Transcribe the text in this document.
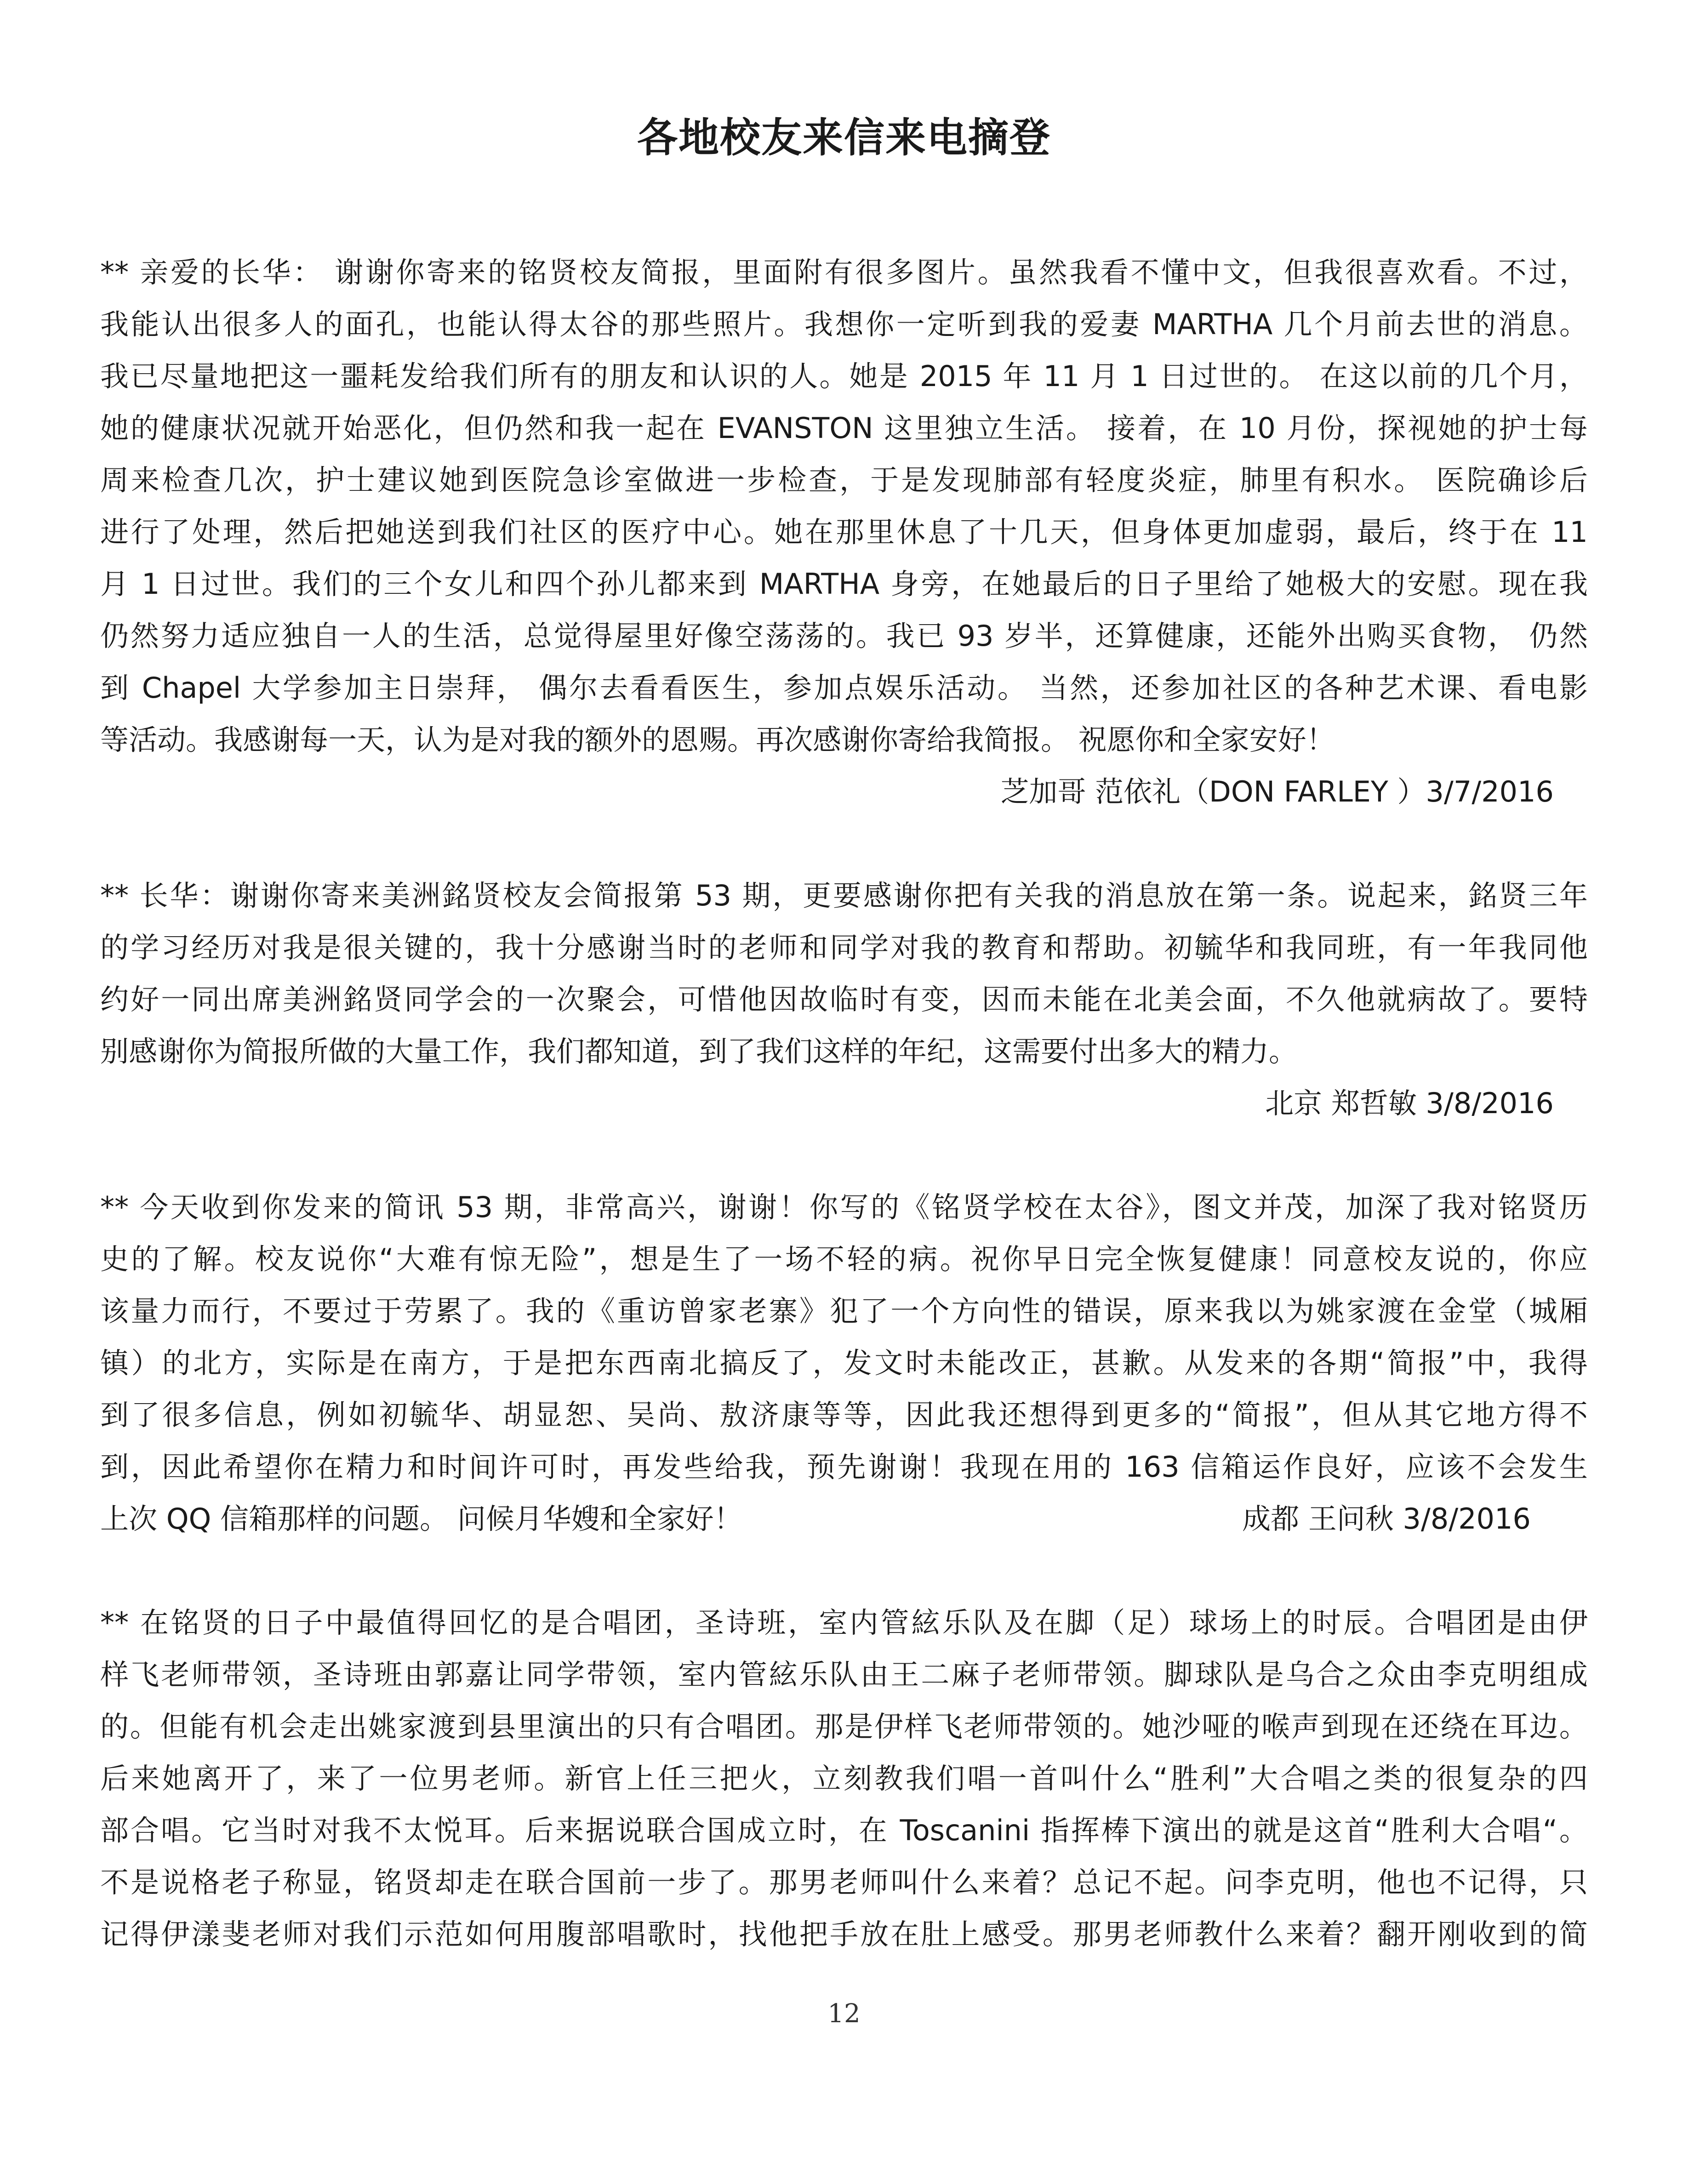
各地校友来信来电摘登

** 亲爱的长华： 谢谢你寄来的铭贤校友简报，里面附有很多图片。虽然我看不懂中文，但我很喜欢看。不过，

我能认出很多人的面孔，也能认得太谷的那些照片。我想你一定听到我的爱妻 MARTHA 几个月前去世的消息。

我已尽量地把这一噩耗发给我们所有的朋友和认识的人。她是 2015 年 11 月 1 日过世的。 在这以前的几个月，

她的健康状况就开始恶化，但仍然和我一起在 EVANSTON 这里独立生活。 接着，在 10 月份，探视她的护士每

周来检查几次，护士建议她到医院急诊室做进一步检查，于是发现肺部有轻度炎症，肺里有积水。 医院确诊后

进行了处理，然后把她送到我们社区的医疗中心。她在那里休息了十几天，但身体更加虚弱，最后，终于在 11

月 1 日过世。我们的三个女儿和四个孙儿都来到 MARTHA 身旁，在她最后的日子里给了她极大的安慰。现在我

仍然努力适应独自一人的生活，总觉得屋里好像空荡荡的。我已 93 岁半，还算健康，还能外出购买食物， 仍然

到 Chapel 大学参加主日崇拜， 偶尔去看看医生，参加点娱乐活动。 当然，还参加社区的各种艺术课、看电影

等活动。我感谢每一天，认为是对我的额外的恩赐。再次感谢你寄给我简报。 祝愿你和全家安好！

芝加哥 范依礼（DON FARLEY ）3/7/2016

** 长华：谢谢你寄来美洲銘贤校友会简报第 53 期，更要感谢你把有关我的消息放在第一条。说起来，銘贤三年

的学习经历对我是很关键的，我十分感谢当时的老师和同学对我的教育和帮助。初毓华和我同班，有一年我同他

约好一同出席美洲銘贤同学会的一次聚会，可惜他因故临时有变，因而未能在北美会面，不久他就病故了。要特

别感谢你为简报所做的大量工作，我们都知道，到了我们这样的年纪，这需要付出多大的精力。

北京 郑哲敏 3/8/2016

** 今天收到你发来的简讯 53 期，非常高兴，谢谢！你写的《铭贤学校在太谷》，图文并茂，加深了我对铭贤历

史的了解。校友说你“大难有惊无险”，想是生了一场不轻的病。祝你早日完全恢复健康！同意校友说的，你应

该量力而行，不要过于劳累了。我的《重访曾家老寨》犯了一个方向性的错误，原来我以为姚家渡在金堂（城厢

镇）的北方，实际是在南方，于是把东西南北搞反了，发文时未能改正，甚歉。从发来的各期“简报”中，我得

到了很多信息，例如初毓华、胡显恕、吴尚、敖济康等等，因此我还想得到更多的“简报”，但从其它地方得不

到，因此希望你在精力和时间许可时，再发些给我，预先谢谢！我现在用的 163 信箱运作良好，应该不会发生

上次 QQ 信箱那样的问题。 问候月华嫂和全家好！	成都 王问秋 3/8/2016

** 在铭贤的日子中最值得回忆的是合唱团，圣诗班，室内管絃乐队及在脚（足）球场上的时辰。合唱团是由伊

样飞老师带领，圣诗班由郭嘉让同学带领，室内管絃乐队由王二麻子老师带领。脚球队是乌合之众由李克明组成

的。但能有机会走出姚家渡到县里演出的只有合唱团。那是伊样飞老师带领的。她沙哑的喉声到现在还绕在耳边。

后来她离开了，来了一位男老师。新官上任三把火，立刻教我们唱一首叫什么“胜利”大合唱之类的很复杂的四

部合唱。它当时对我不太悦耳。后来据说联合国成立时，在 Toscanini 指挥棒下演出的就是这首“胜利大合唱“。

不是说格老子称显，铭贤却走在联合国前一步了。那男老师叫什么来着？总记不起。问李克明，他也不记得，只

记得伊漾斐老师对我们示范如何用腹部唱歌时，找他把手放在肚上感受。那男老师教什么来着？翻开刚收到的简

12
